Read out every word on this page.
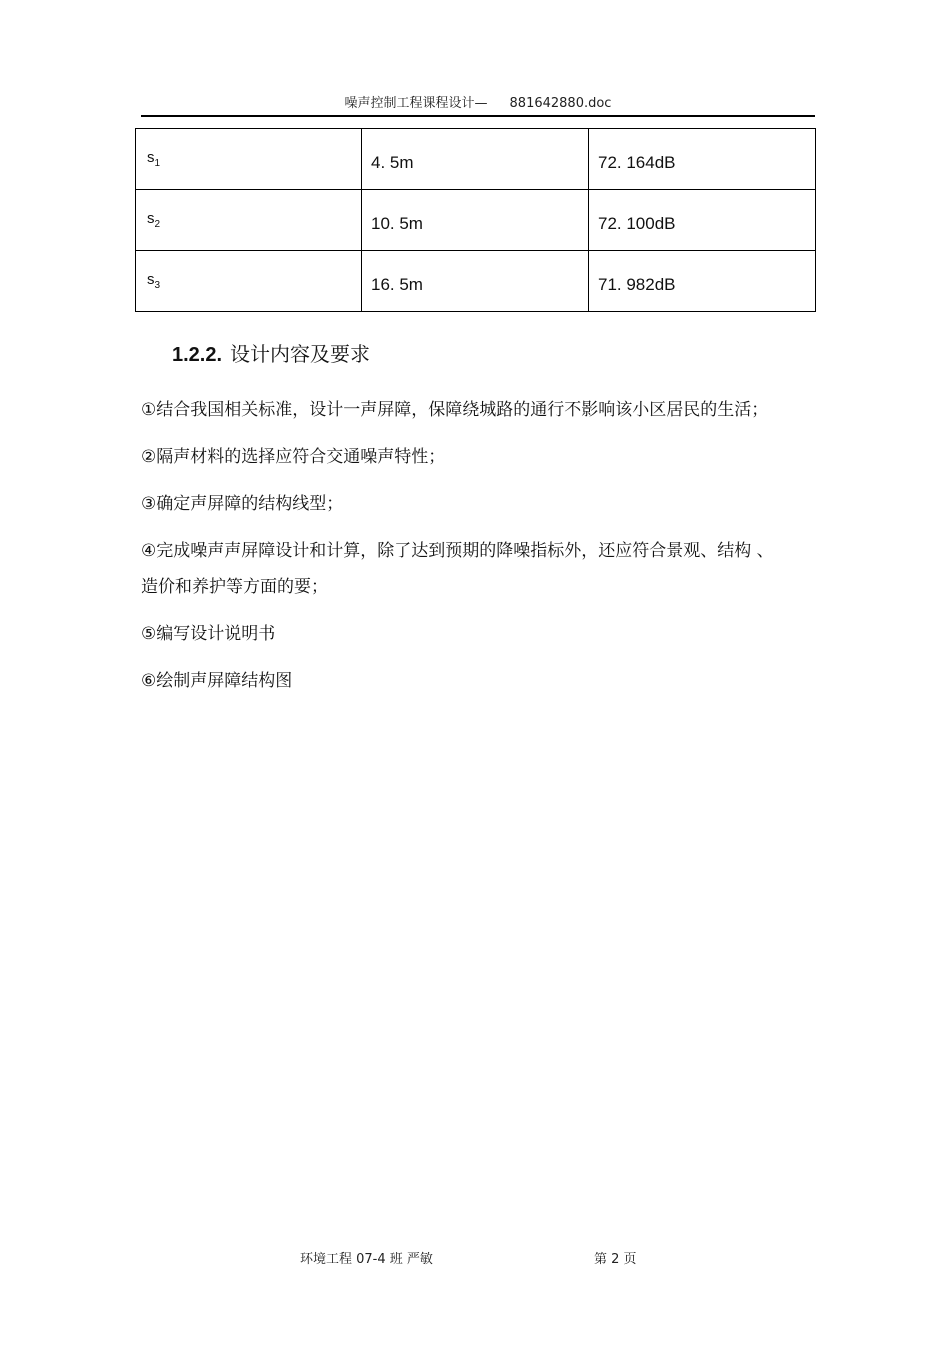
噪声控制工程课程设计— 881642880.doc
$s_1$	4. 5m	72. 164dB

$s_2$	10. 5m	72. 100dB

$s_3$	16. 5m	71. 982dB
1.2.2. 设计内容及要求
①结合我国相关标准，设计一声屏障，保障绕城路的通行不影响该小区居民的生活；
②隔声材料的选择应符合交通噪声特性；
③确定声屏障的结构线型；
④完成噪声声屏障设计和计算，除了达到预期的降噪指标外，还应符合景观、结构 、造价和养护等方面的要；
⑤编写设计说明书
⑥绘制声屏障结构图
环境工程 07-4 班 严敏	第 2 页
